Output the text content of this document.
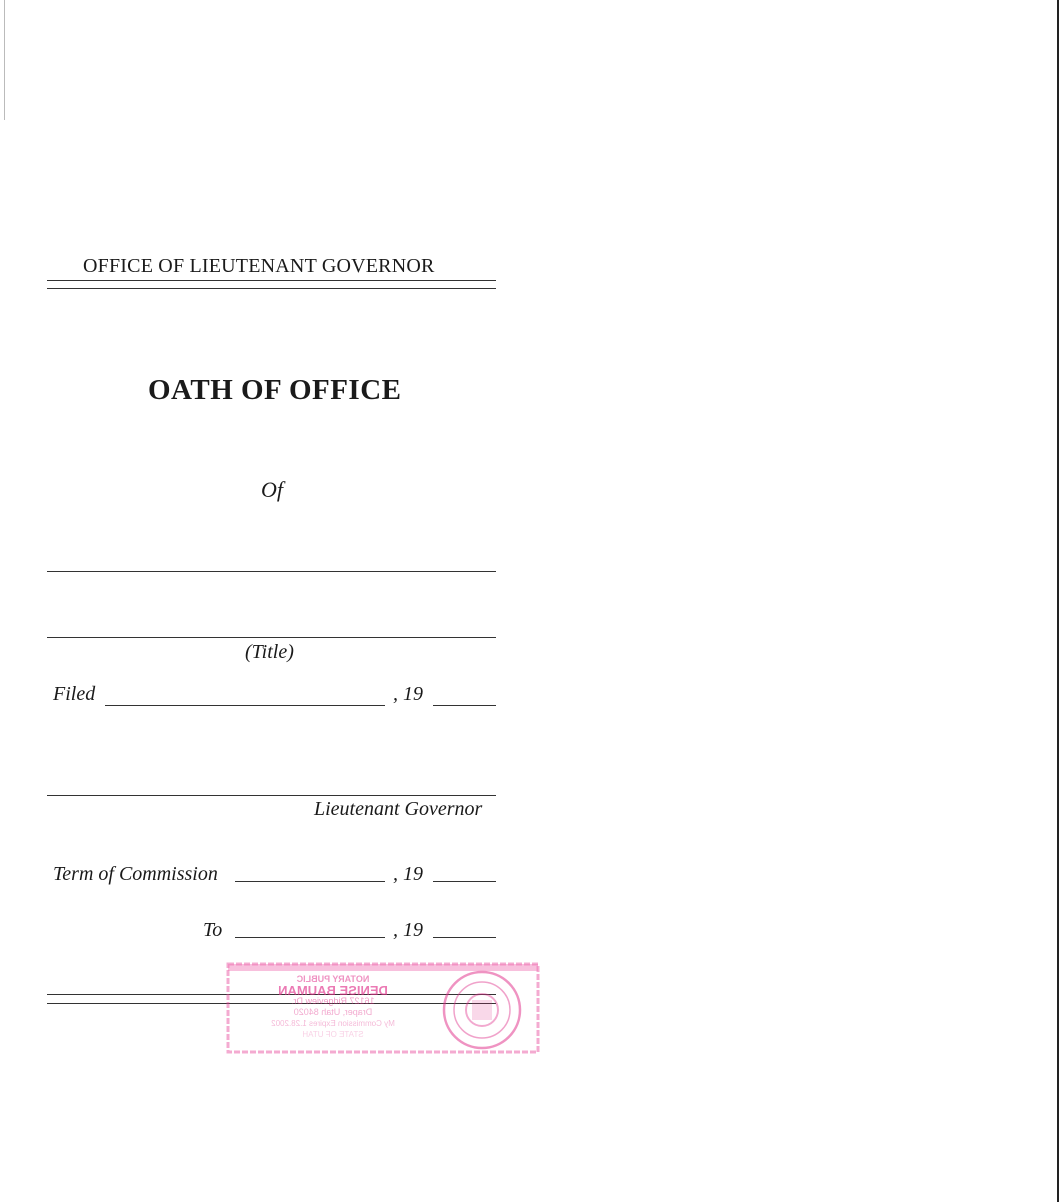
OFFICE OF LIEUTENANT GOVERNOR
OATH OF OFFICE
Of
(Title)
Filed	, 19
Lieutenant Governor
Term of Commission	, 19
To	, 19
NOTARY PUBLIC
DENISE BAUMAN
16127 Ridgeview Dr.
Draper, Utah 84020
My Commission Expires 1.28.2002
STATE OF UTAH
